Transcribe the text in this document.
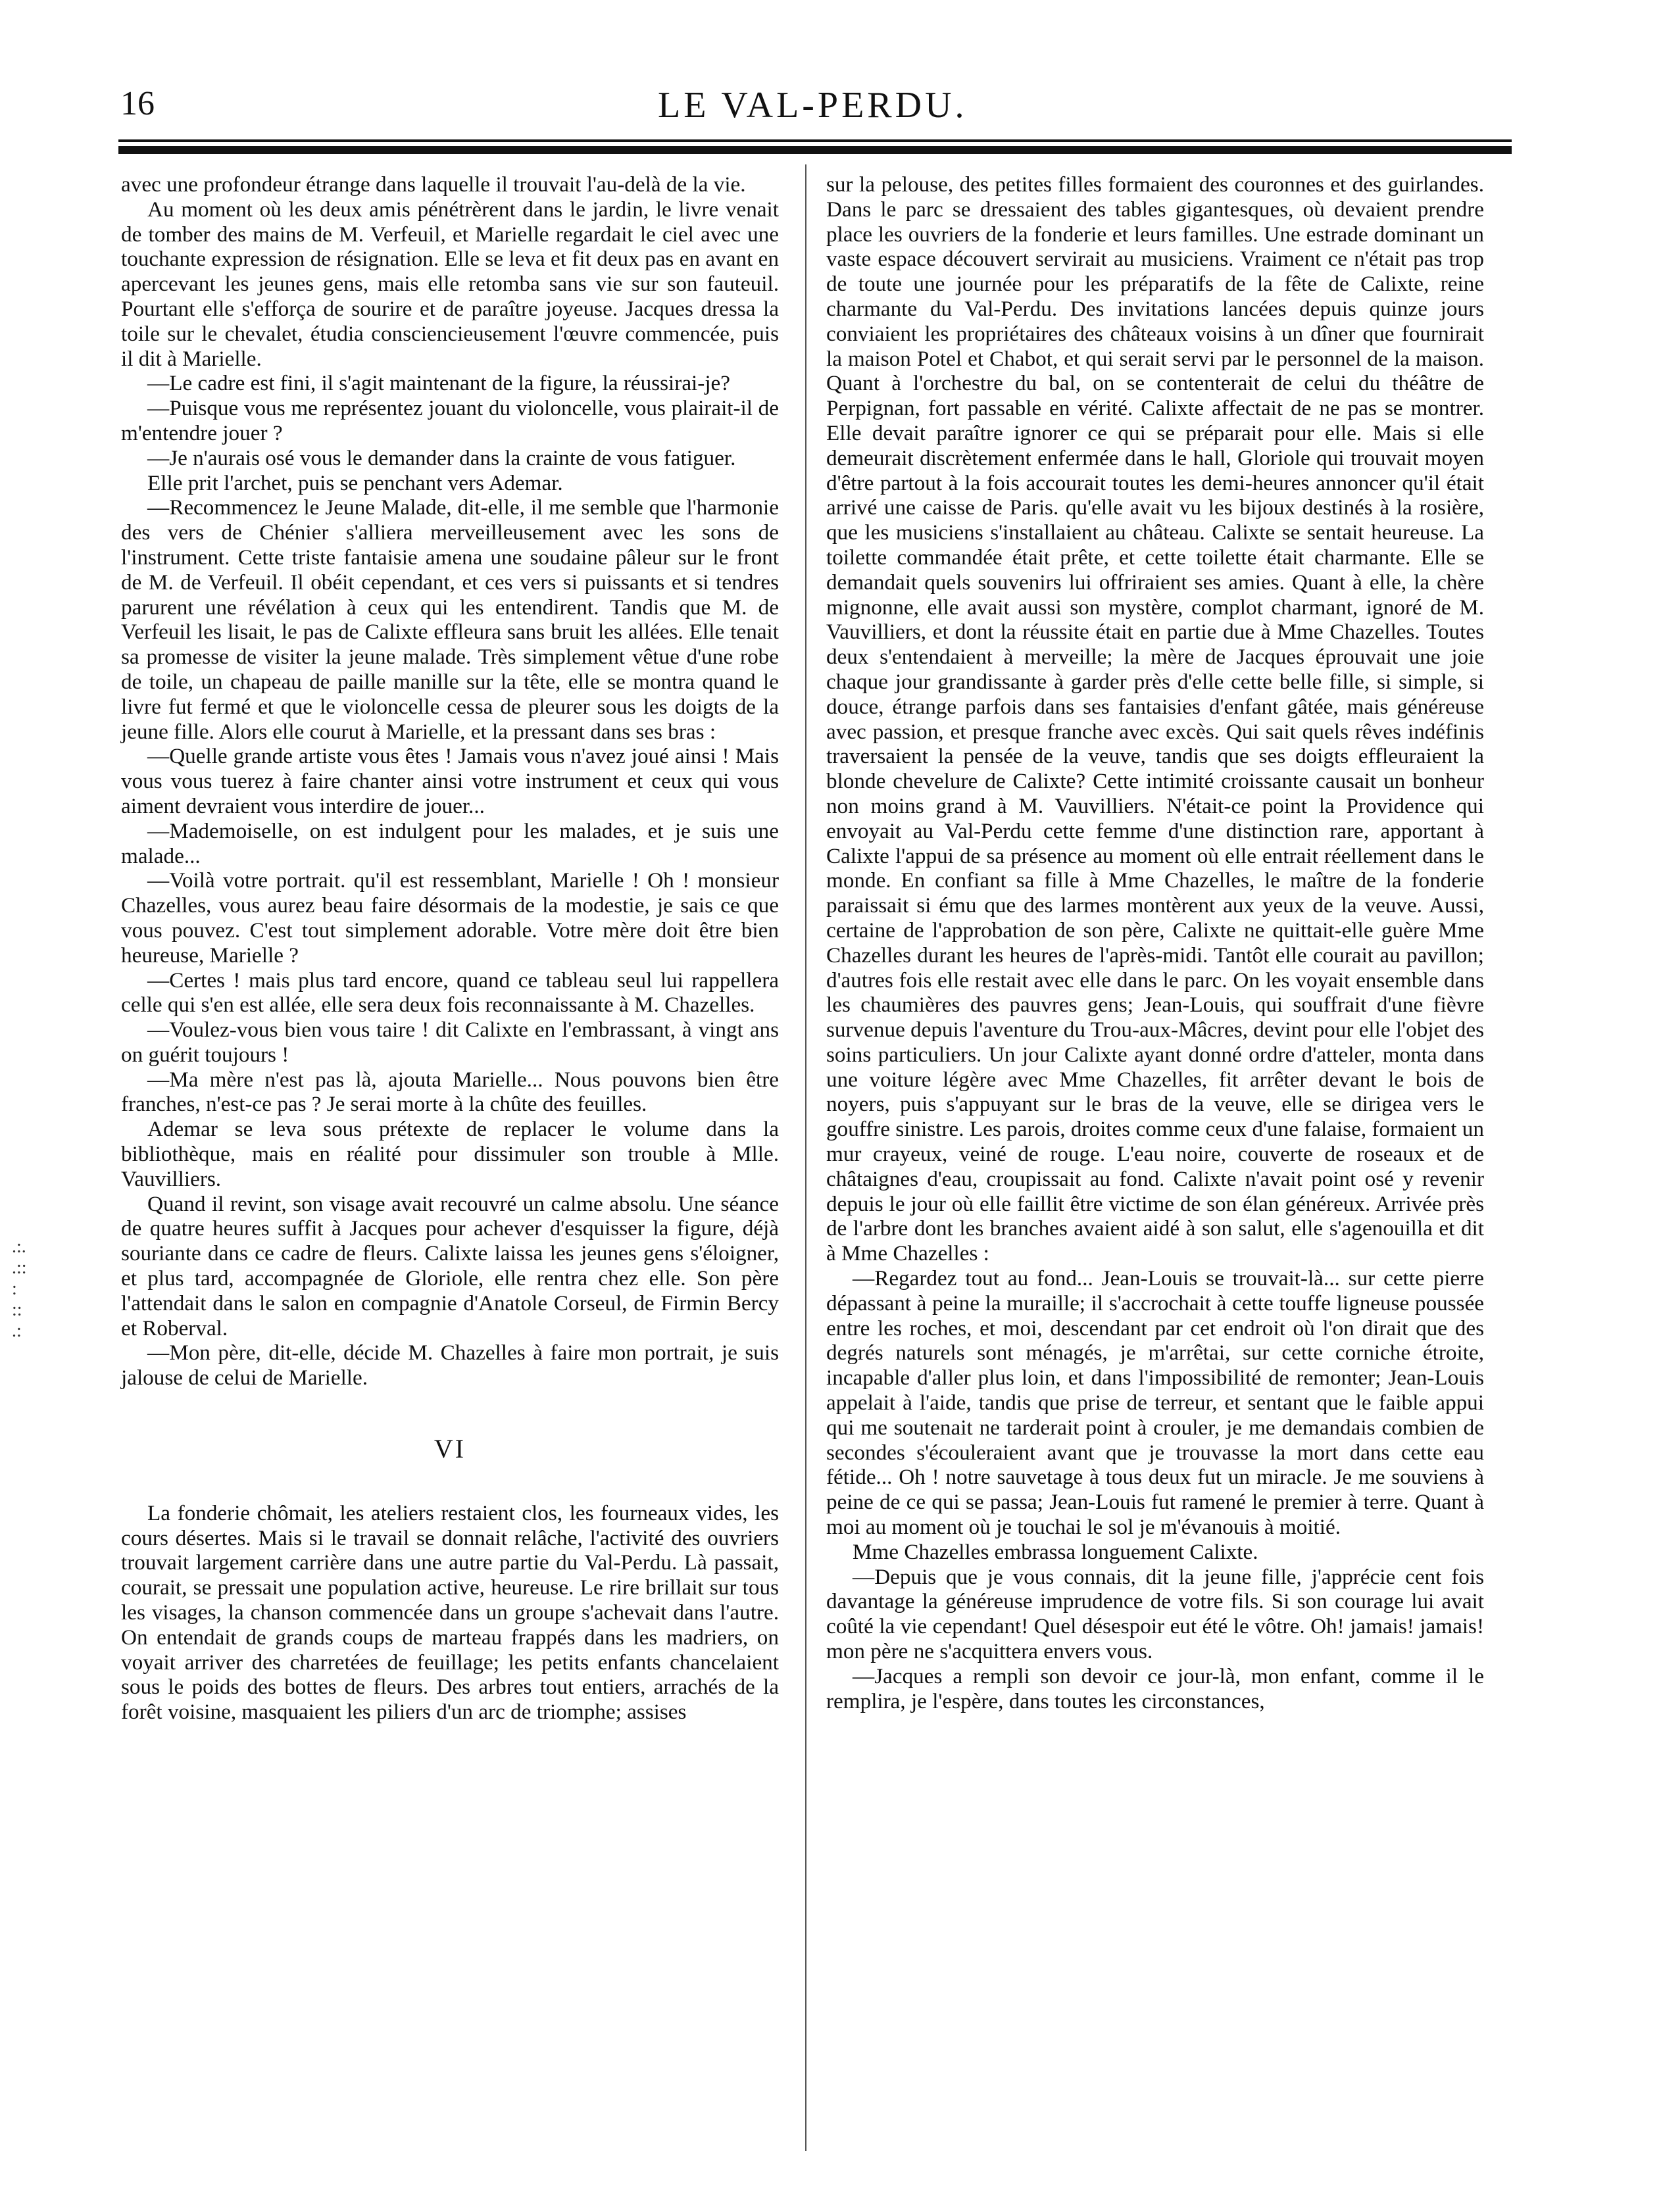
16	LE VAL-PERDU.
.:.
.::
:
::
.:

avec une profondeur étrange dans laquelle il trouvait l'au-delà de la vie.

Au moment où les deux amis pénétrèrent dans le jardin, le livre venait de tomber des mains de M. Verfeuil, et Marielle regardait le ciel avec une touchante expression de résignation. Elle se leva et fit deux pas en avant en apercevant les jeunes gens, mais elle retomba sans vie sur son fauteuil. Pourtant elle s'efforça de sourire et de paraître joyeuse. Jacques dressa la toile sur le chevalet, étudia consciencieusement l'œuvre commencée, puis il dit à Marielle.

—Le cadre est fini, il s'agit maintenant de la figure, la réussirai-je?

—Puisque vous me représentez jouant du violoncelle, vous plairait-il de m'entendre jouer ?

—Je n'aurais osé vous le demander dans la crainte de vous fatiguer.

Elle prit l'archet, puis se penchant vers Ademar.

—Recommencez le Jeune Malade, dit-elle, il me semble que l'harmonie des vers de Chénier s'alliera merveilleusement avec les sons de l'instrument. Cette triste fantaisie amena une soudaine pâleur sur le front de M. de Verfeuil. Il obéit cependant, et ces vers si puissants et si tendres parurent une révélation à ceux qui les entendirent. Tandis que M. de Verfeuil les lisait, le pas de Calixte effleura sans bruit les allées. Elle tenait sa promesse de visiter la jeune malade. Très simplement vêtue d'une robe de toile, un chapeau de paille manille sur la tête, elle se montra quand le livre fut fermé et que le violoncelle cessa de pleurer sous les doigts de la jeune fille. Alors elle courut à Marielle, et la pressant dans ses bras :

—Quelle grande artiste vous êtes ! Jamais vous n'avez joué ainsi ! Mais vous vous tuerez à faire chanter ainsi votre instrument et ceux qui vous aiment devraient vous interdire de jouer...

—Mademoiselle, on est indulgent pour les malades, et je suis une malade...

—Voilà votre portrait. qu'il est ressemblant, Marielle ! Oh ! monsieur Chazelles, vous aurez beau faire désormais de la modestie, je sais ce que vous pouvez. C'est tout simplement adorable. Votre mère doit être bien heureuse, Marielle ?

—Certes ! mais plus tard encore, quand ce tableau seul lui rappellera celle qui s'en est allée, elle sera deux fois reconnaissante à M. Chazelles.

—Voulez-vous bien vous taire ! dit Calixte en l'embrassant, à vingt ans on guérit toujours !

—Ma mère n'est pas là, ajouta Marielle... Nous pouvons bien être franches, n'est-ce pas ? Je serai morte à la chûte des feuilles.

Ademar se leva sous prétexte de replacer le volume dans la bibliothèque, mais en réalité pour dissimuler son trouble à Mlle. Vauvilliers.

Quand il revint, son visage avait recouvré un calme absolu. Une séance de quatre heures suffit à Jacques pour achever d'esquisser la figure, déjà souriante dans ce cadre de fleurs. Calixte laissa les jeunes gens s'éloigner, et plus tard, accompagnée de Gloriole, elle rentra chez elle. Son père l'attendait dans le salon en compagnie d'Anatole Corseul, de Firmin Bercy et Roberval.

—Mon père, dit-elle, décide M. Chazelles à faire mon portrait, je suis jalouse de celui de Marielle.

VI

La fonderie chômait, les ateliers restaient clos, les fourneaux vides, les cours désertes. Mais si le travail se donnait relâche, l'activité des ouvriers trouvait largement carrière dans une autre partie du Val-Perdu. Là passait, courait, se pressait une population active, heureuse. Le rire brillait sur tous les visages, la chanson commencée dans un groupe s'achevait dans l'autre. On entendait de grands coups de marteau frappés dans les madriers, on voyait arriver des charretées de feuillage; les petits enfants chancelaient sous le poids des bottes de fleurs. Des arbres tout entiers, arrachés de la forêt voisine, masquaient les piliers d'un arc de triomphe; assises

sur la pelouse, des petites filles formaient des couronnes et des guirlandes. Dans le parc se dressaient des tables gigantesques, où devaient prendre place les ouvriers de la fonderie et leurs familles. Une estrade dominant un vaste espace découvert servirait au musiciens. Vraiment ce n'était pas trop de toute une journée pour les préparatifs de la fête de Calixte, reine charmante du Val-Perdu. Des invitations lancées depuis quinze jours conviaient les propriétaires des châteaux voisins à un dîner que fournirait la maison Potel et Chabot, et qui serait servi par le personnel de la maison. Quant à l'orchestre du bal, on se contenterait de celui du théâtre de Perpignan, fort passable en vérité. Calixte affectait de ne pas se montrer. Elle devait paraître ignorer ce qui se préparait pour elle. Mais si elle demeurait discrètement enfermée dans le hall, Gloriole qui trouvait moyen d'être partout à la fois accourait toutes les demi-heures annoncer qu'il était arrivé une caisse de Paris. qu'elle avait vu les bijoux destinés à la rosière, que les musiciens s'installaient au château. Calixte se sentait heureuse. La toilette commandée était prête, et cette toilette était charmante. Elle se demandait quels souvenirs lui offriraient ses amies. Quant à elle, la chère mignonne, elle avait aussi son mystère, complot charmant, ignoré de M. Vauvilliers, et dont la réussite était en partie due à Mme Chazelles. Toutes deux s'entendaient à merveille; la mère de Jacques éprouvait une joie chaque jour grandissante à garder près d'elle cette belle fille, si simple, si douce, étrange parfois dans ses fantaisies d'enfant gâtée, mais généreuse avec passion, et presque franche avec excès. Qui sait quels rêves indéfinis traversaient la pensée de la veuve, tandis que ses doigts effleuraient la blonde chevelure de Calixte? Cette intimité croissante causait un bonheur non moins grand à M. Vauvilliers. N'était-ce point la Providence qui envoyait au Val-Perdu cette femme d'une distinction rare, apportant à Calixte l'appui de sa présence au moment où elle entrait réellement dans le monde. En confiant sa fille à Mme Chazelles, le maître de la fonderie paraissait si ému que des larmes montèrent aux yeux de la veuve. Aussi, certaine de l'approbation de son père, Calixte ne quittait-elle guère Mme Chazelles durant les heures de l'après-midi. Tantôt elle courait au pavillon; d'autres fois elle restait avec elle dans le parc. On les voyait ensemble dans les chaumières des pauvres gens; Jean-Louis, qui souffrait d'une fièvre survenue depuis l'aventure du Trou-aux-Mâcres, devint pour elle l'objet des soins particuliers. Un jour Calixte ayant donné ordre d'atteler, monta dans une voiture légère avec Mme Chazelles, fit arrêter devant le bois de noyers, puis s'appuyant sur le bras de la veuve, elle se dirigea vers le gouffre sinistre. Les parois, droites comme ceux d'une falaise, formaient un mur crayeux, veiné de rouge. L'eau noire, couverte de roseaux et de châtaignes d'eau, croupissait au fond. Calixte n'avait point osé y revenir depuis le jour où elle faillit être victime de son élan généreux. Arrivée près de l'arbre dont les branches avaient aidé à son salut, elle s'agenouilla et dit à Mme Chazelles :

—Regardez tout au fond... Jean-Louis se trouvait-là... sur cette pierre dépassant à peine la muraille; il s'accrochait à cette touffe ligneuse poussée entre les roches, et moi, descendant par cet endroit où l'on dirait que des degrés naturels sont ménagés, je m'arrêtai, sur cette corniche étroite, incapable d'aller plus loin, et dans l'impossibilité de remonter; Jean-Louis appelait à l'aide, tandis que prise de terreur, et sentant que le faible appui qui me soutenait ne tarderait point à crouler, je me demandais combien de secondes s'écouleraient avant que je trouvasse la mort dans cette eau fétide... Oh ! notre sauvetage à tous deux fut un miracle. Je me souviens à peine de ce qui se passa; Jean-Louis fut ramené le premier à terre. Quant à moi au moment où je touchai le sol je m'évanouis à moitié.

Mme Chazelles embrassa longuement Calixte.

—Depuis que je vous connais, dit la jeune fille, j'apprécie cent fois davantage la généreuse imprudence de votre fils. Si son courage lui avait coûté la vie cependant! Quel désespoir eut été le vôtre. Oh! jamais! jamais! mon père ne s'acquittera envers vous.

—Jacques a rempli son devoir ce jour-là, mon enfant, comme il le remplira, je l'espère, dans toutes les circonstances,
